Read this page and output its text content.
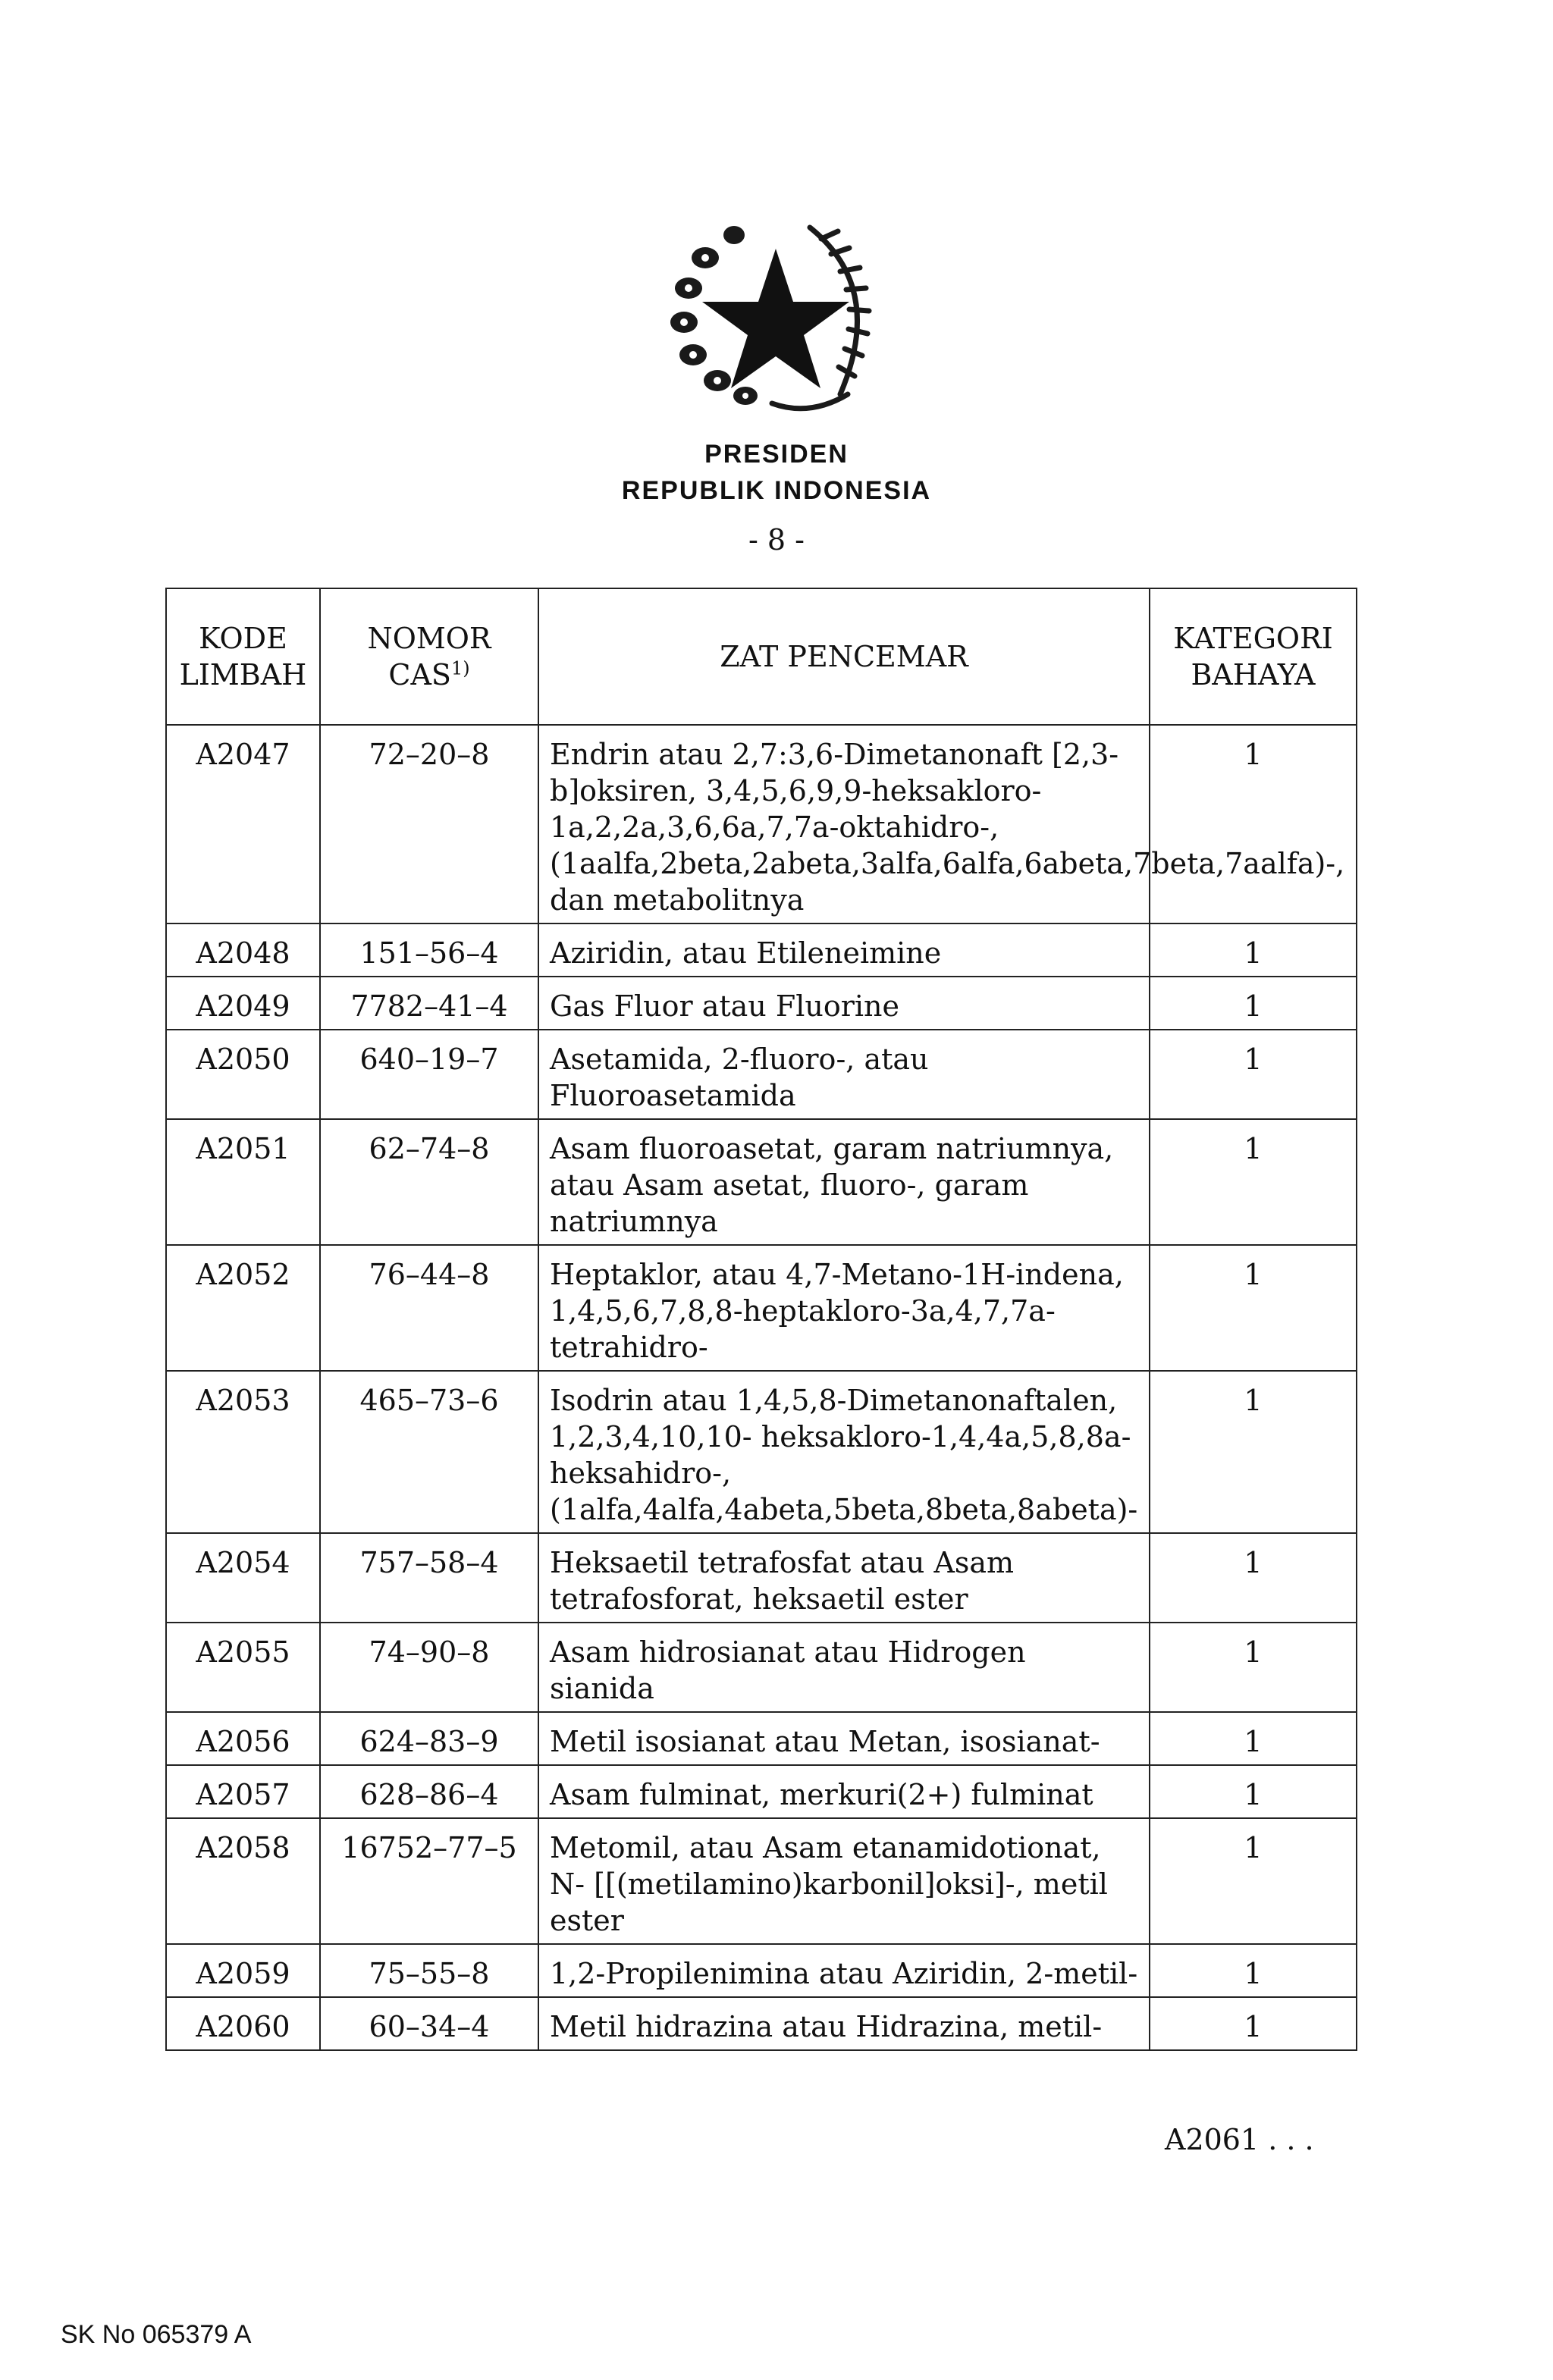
PRESIDEN
REPUBLIK INDONESIA
- 8 -
KODE LIMBAH	NOMOR CAS$^{1)}$	ZAT PENCEMAR	KATEGORI BAHAYA
A2047	72–20–8	Endrin atau 2,7:3,6-Dimetanonaft [2,3-b]oksiren, 3,4,5,6,9,9-heksakloro-1a,2,2a,3,6,6a,7,7a-oktahidro-, (1aalfa,2beta,2abeta,3alfa,6alfa,6abeta,7beta,7aalfa)-, dan metabolitnya	1
A2048	151–56–4	Aziridin, atau Etileneimine	1
A2049	7782–41–4	Gas Fluor atau Fluorine	1
A2050	640–19–7	Asetamida, 2-fluoro-, atau Fluoroasetamida	1
A2051	62–74–8	Asam fluoroasetat, garam natriumnya, atau Asam asetat, fluoro-, garam natriumnya	1
A2052	76–44–8	Heptaklor, atau 4,7-Metano-1H-indena, 1,4,5,6,7,8,8-heptakloro-3a,4,7,7a-tetrahidro-	1
A2053	465–73–6	Isodrin atau 1,4,5,8-Dimetanonaftalen, 1,2,3,4,10,10- heksakloro-1,4,4a,5,8,8a- heksahidro-, (1alfa,4alfa,4abeta,5beta,8beta,8abeta)-	1
A2054	757–58–4	Heksaetil tetrafosfat atau Asam tetrafosforat, heksaetil ester	1
A2055	74–90–8	Asam hidrosianat atau Hidrogen sianida	1
A2056	624–83–9	Metil isosianat atau Metan, isosianat-	1
A2057	628–86–4	Asam fulminat, merkuri(2+) fulminat	1
A2058	16752–77–5	Metomil, atau Asam etanamidotionat, N- [[(metilamino)karbonil]oksi]-, metil ester	1
A2059	75–55–8	1,2-Propilenimina atau Aziridin, 2-metil-	1
A2060	60–34–4	Metil hidrazina atau Hidrazina, metil-	1
A2061 . . .
SK No 065379 A
